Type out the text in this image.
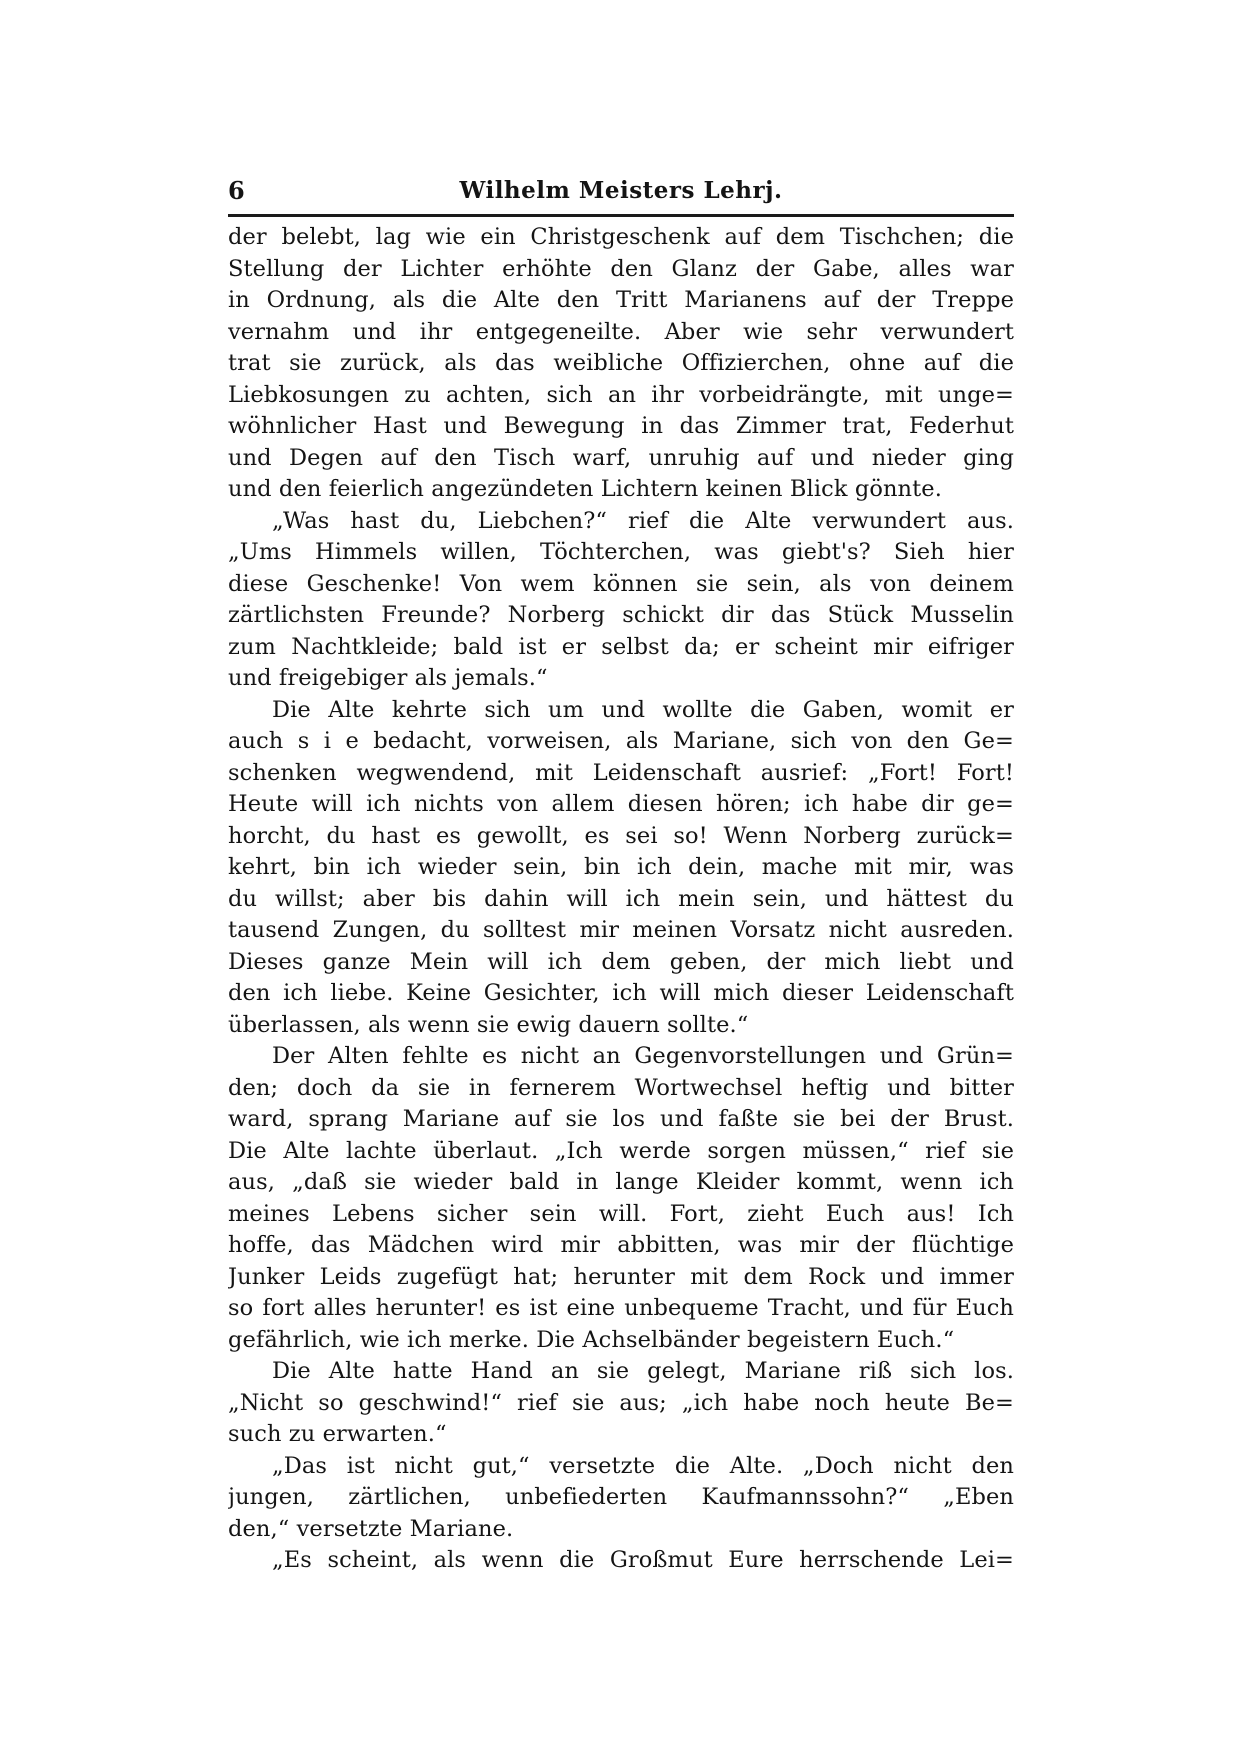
6	Wilhelm Meisters Lehrj.
der belebt, lag wie ein Christgeschenk auf dem Tischchen; die
Stellung der Lichter erhöhte den Glanz der Gabe, alles war
in Ordnung, als die Alte den Tritt Marianens auf der Treppe
vernahm und ihr entgegeneilte. Aber wie sehr verwundert
trat sie zurück, als das weibliche Offizierchen, ohne auf die
Liebkosungen zu achten, sich an ihr vorbeidrängte, mit unge=
wöhnlicher Hast und Bewegung in das Zimmer trat, Federhut
und Degen auf den Tisch warf, unruhig auf und nieder ging
und den feierlich angezündeten Lichtern keinen Blick gönnte.
„Was hast du, Liebchen?“ rief die Alte verwundert aus.
„Ums Himmels willen, Töchterchen, was giebt's? Sieh hier
diese Geschenke! Von wem können sie sein, als von deinem
zärtlichsten Freunde? Norberg schickt dir das Stück Musselin
zum Nachtkleide; bald ist er selbst da; er scheint mir eifriger
und freigebiger als jemals.“
Die Alte kehrte sich um und wollte die Gaben, womit er
auch s i e bedacht, vorweisen, als Mariane, sich von den Ge=
schenken wegwendend, mit Leidenschaft ausrief: „Fort! Fort!
Heute will ich nichts von allem diesen hören; ich habe dir ge=
horcht, du hast es gewollt, es sei so! Wenn Norberg zurück=
kehrt, bin ich wieder sein, bin ich dein, mache mit mir, was
du willst; aber bis dahin will ich mein sein, und hättest du
tausend Zungen, du solltest mir meinen Vorsatz nicht ausreden.
Dieses ganze Mein will ich dem geben, der mich liebt und
den ich liebe. Keine Gesichter, ich will mich dieser Leidenschaft
überlassen, als wenn sie ewig dauern sollte.“
Der Alten fehlte es nicht an Gegenvorstellungen und Grün=
den; doch da sie in fernerem Wortwechsel heftig und bitter
ward, sprang Mariane auf sie los und faßte sie bei der Brust.
Die Alte lachte überlaut. „Ich werde sorgen müssen,“ rief sie
aus, „daß sie wieder bald in lange Kleider kommt, wenn ich
meines Lebens sicher sein will. Fort, zieht Euch aus! Ich
hoffe, das Mädchen wird mir abbitten, was mir der flüchtige
Junker Leids zugefügt hat; herunter mit dem Rock und immer
so fort alles herunter! es ist eine unbequeme Tracht, und für Euch
gefährlich, wie ich merke. Die Achselbänder begeistern Euch.“
Die Alte hatte Hand an sie gelegt, Mariane riß sich los.
„Nicht so geschwind!“ rief sie aus; „ich habe noch heute Be=
such zu erwarten.“
„Das ist nicht gut,“ versetzte die Alte. „Doch nicht den
jungen, zärtlichen, unbefiederten Kaufmannssohn?“ „Eben
den,“ versetzte Mariane.
„Es scheint, als wenn die Großmut Eure herrschende Lei=
